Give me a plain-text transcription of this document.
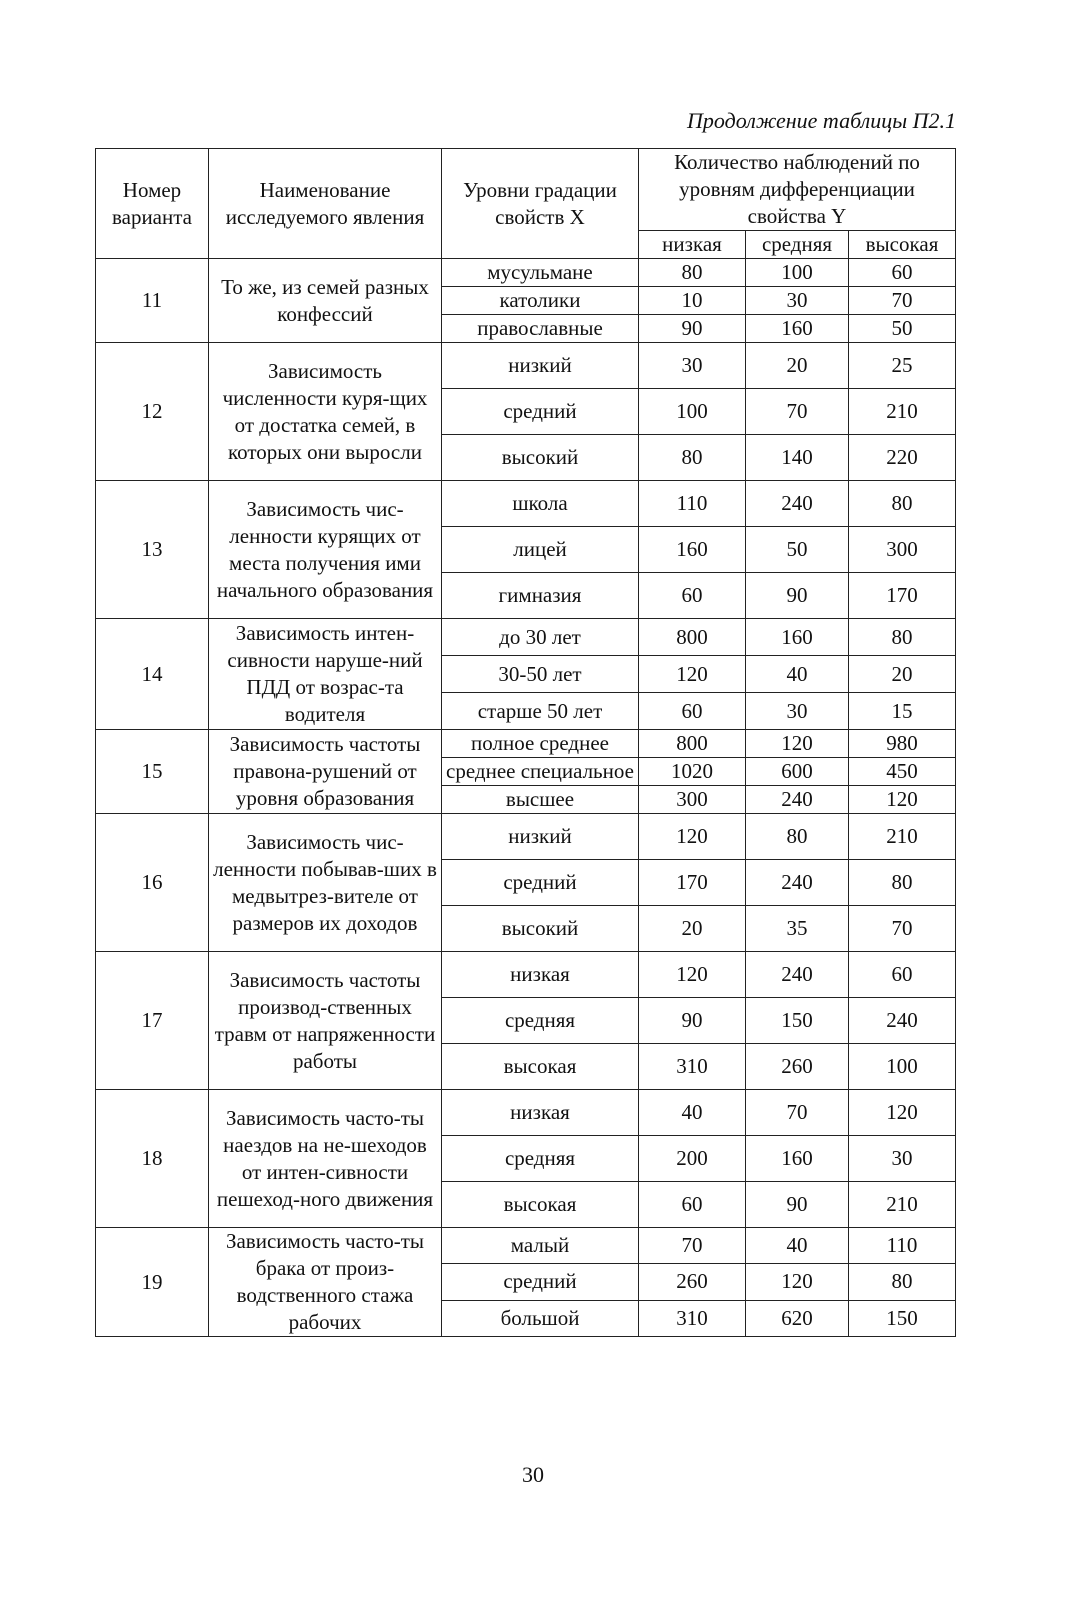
Продолжение таблицы П2.1
Номер варианта	Наименование исследуемого явления	Уровни градации свойств X	Количество наблюдений по уровням дифференциации свойства Y		
			низкая	средняя	высокая
11	То же, из семей разных конфессий	мусульмане	80	100	60
		католики	10	30	70
		православные	90	160	50
12	Зависимость численности куря-щих от достатка семей, в которых они выросли	низкий	30	20	25
		средний	100	70	210
		высокий	80	140	220
13	Зависимость чис-ленности курящих от места получения ими начального образования	школа	110	240	80
		лицей	160	50	300
		гимназия	60	90	170
14	Зависимость интен-сивности наруше-ний ПДД от возрас-та водителя	до 30 лет	800	160	80
		30-50 лет	120	40	20
		старше 50 лет	60	30	15
15	Зависимость частоты правона-рушений от уровня образования	полное среднее	800	120	980
		среднее специальное	1020	600	450
		высшее	300	240	120
16	Зависимость чис-ленности побывав-ших в медвытрез-вителе от размеров их доходов	низкий	120	80	210
		средний	170	240	80
		высокий	20	35	70
17	Зависимость частоты производ-ственных травм от напряженности работы	низкая	120	240	60
		средняя	90	150	240
		высокая	310	260	100
18	Зависимость часто-ты наездов на не-шеходов от интен-сивности пешеход-ного движения	низкая	40	70	120
		средняя	200	160	30
		высокая	60	90	210
19	Зависимость часто-ты брака от произ-водственного стажа рабочих	малый	70	40	110
		средний	260	120	80
		большой	310	620	150
30
